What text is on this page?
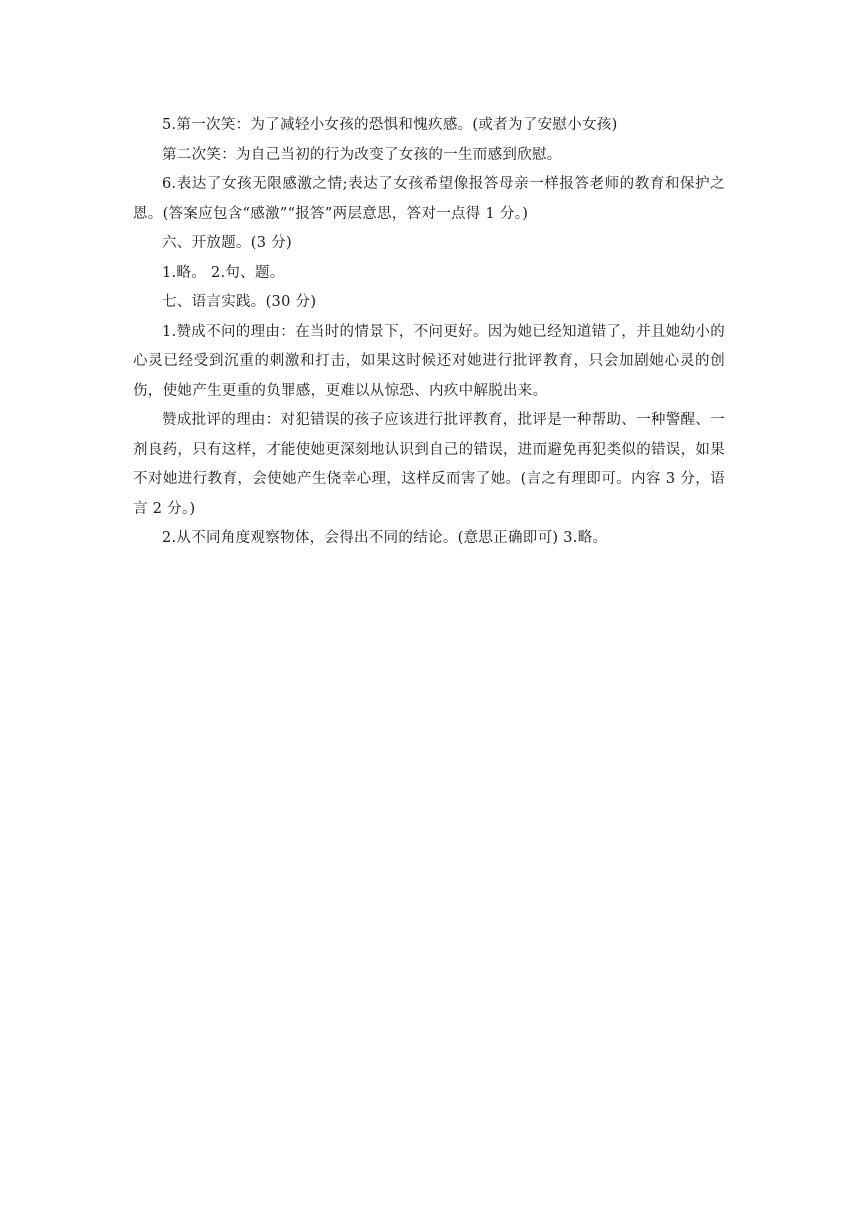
5.第一次笑：为了减轻小女孩的恐惧和愧疚感。(或者为了安慰小女孩)

第二次笑：为自己当初的行为改变了女孩的一生而感到欣慰。

6.表达了女孩无限感激之情;表达了女孩希望像报答母亲一样报答老师的教育和保护之恩。(答案应包含“感激”“报答”两层意思，答对一点得 1 分。)

六、开放题。(3 分)

1.略。 2.句、题。

七、语言实践。(30 分)

1.赞成不问的理由：在当时的情景下，不问更好。因为她已经知道错了，并且她幼小的心灵已经受到沉重的刺激和打击，如果这时候还对她进行批评教育，只会加剧她心灵的创伤，使她产生更重的负罪感，更难以从惊恐、内疚中解脱出来。

赞成批评的理由：对犯错误的孩子应该进行批评教育，批评是一种帮助、一种警醒、一剂良药，只有这样，才能使她更深刻地认识到自己的错误，进而避免再犯类似的错误，如果不对她进行教育，会使她产生侥幸心理，这样反而害了她。(言之有理即可。内容 3 分，语言 2 分。)

2.从不同角度观察物体，会得出不同的结论。(意思正确即可) 3.略。
